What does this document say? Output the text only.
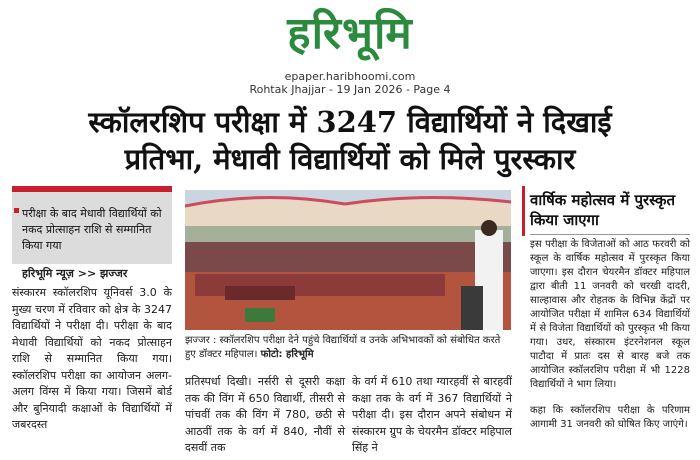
हरिभूमि
epaper.haribhoomi.com
Rohtak Jhajjar - 19 Jan 2026 - Page 4
स्कॉलरशिप परीक्षा में 3247 विद्यार्थियों ने दिखाई
प्रतिभा, मेधावी विद्यार्थियों को मिले पुरस्कार
परीक्षा के बाद मेधावी विद्यार्थियों को नकद प्रोत्साहन राशि से सम्मानित किया गया
हरिभूमि न्यूज़ >> झज्जर
संस्कारम स्कॉलरशिप यूनिवर्स 3.0 के मुख्य चरण में रविवार को क्षेत्र के 3247 विद्यार्थियों ने परीक्षा दी। परीक्षा के बाद मेधावी विद्यार्थियों को नकद प्रोत्साहन राशि से सम्मानित किया गया। स्कॉलरशिप परीक्षा का आयोजन अलग-अलग विंग्स में किया गया। जिसमें बोर्ड और बुनियादी कक्षाओं के विद्यार्थियों में जबरदस्त
झज्जर : स्कॉलरशिप परीक्षा देने पहुंचे विद्यार्थियों व उनके अभिभावकों को संबोधित करते हुए डॉक्टर महिपाल। फोटो: हरिभूमि
प्रतिस्पर्धा दिखी। नर्सरी से दूसरी कक्षा तक की विंग में 650 विद्यार्थी, तीसरी से पांचवीं तक की विंग में 780, छठी से आठवीं तक के वर्ग में 840, नौवीं से दसवीं तक
के वर्ग में 610 तथा ग्यारहवीं से बारहवीं कक्षा तक के वर्ग में 367 विद्यार्थियों ने परीक्षा दी। इस दौरान अपने संबोधन में संस्कारम ग्रुप के चेयरमैन डॉक्टर महिपाल सिंह ने
वार्षिक महोत्सव में पुरस्कृत किया जाएगा
इस परीक्षा के विजेताओं को आठ फरवरी को स्कूल के वार्षिक महोत्सव में पुरस्कृत किया जाएगा। इस दौरान चेयरमैन डॉक्टर महिपाल द्वारा बीती 11 जनवरी को चरखी दादरी, साल्हावास और रोहतक के विभिन्न केंद्रों पर आयोजित परीक्षा में शामिल 634 विद्यार्थियों में से विजेता विद्यार्थियों को पुरस्कृत भी किया गया। उधर, संस्कारम इंटरनेशनल स्कूल पाटौदा में प्रातः दस से बारह बजे तक आयोजित स्कॉलरशिप परीक्षा में भी 1228 विद्यार्थियों ने भाग लिया।
कहा कि स्कॉलरशिप परीक्षा के परिणाम आगामी 31 जनवरी को घोषित किए जाएंगे।
